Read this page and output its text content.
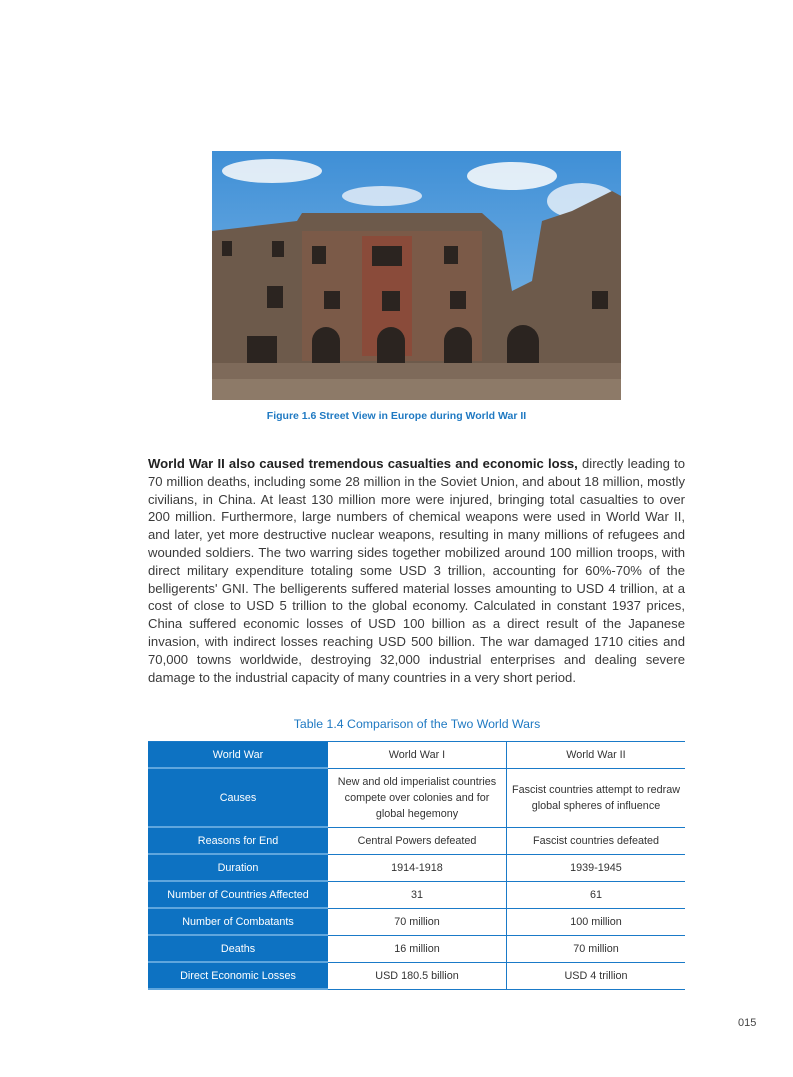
Figure 1.6 Street View in Europe during World War II

World War II also caused tremendous casualties and economic loss, directly leading to 70 million deaths, including some 28 million in the Soviet Union, and about 18 million, mostly civilians, in China. At least 130 million more were injured, bringing total casualties to over 200 million. Furthermore, large numbers of chemical weapons were used in World War II, and later, yet more destructive nuclear weapons, resulting in many millions of refugees and wounded soldiers. The two warring sides together mobilized around 100 million troops, with direct military expenditure totaling some USD 3 trillion, accounting for 60%-70% of the belligerents' GNI. The belligerents suffered material losses amounting to USD 4 trillion, at a cost of close to USD 5 trillion to the global economy. Calculated in constant 1937 prices, China suffered economic losses of USD 100 billion as a direct result of the Japanese invasion, with indirect losses reaching USD 500 billion. The war damaged 1710 cities and 70,000 towns worldwide, destroying 32,000 industrial enterprises and dealing severe damage to the industrial capacity of many countries in a very short period.

Table 1.4 Comparison of the Two World Wars
World War	World War I	World War II
Causes	New and old imperialist countries compete over colonies and for global hegemony	Fascist countries attempt to redraw global spheres of influence
Reasons for End	Central Powers defeated	Fascist countries defeated
Duration	1914-1918	1939-1945
Number of Countries Affected	31	61
Number of Combatants	70 million	100 million
Deaths	16 million	70 million
Direct Economic Losses	USD 180.5 billion	USD 4 trillion
015
